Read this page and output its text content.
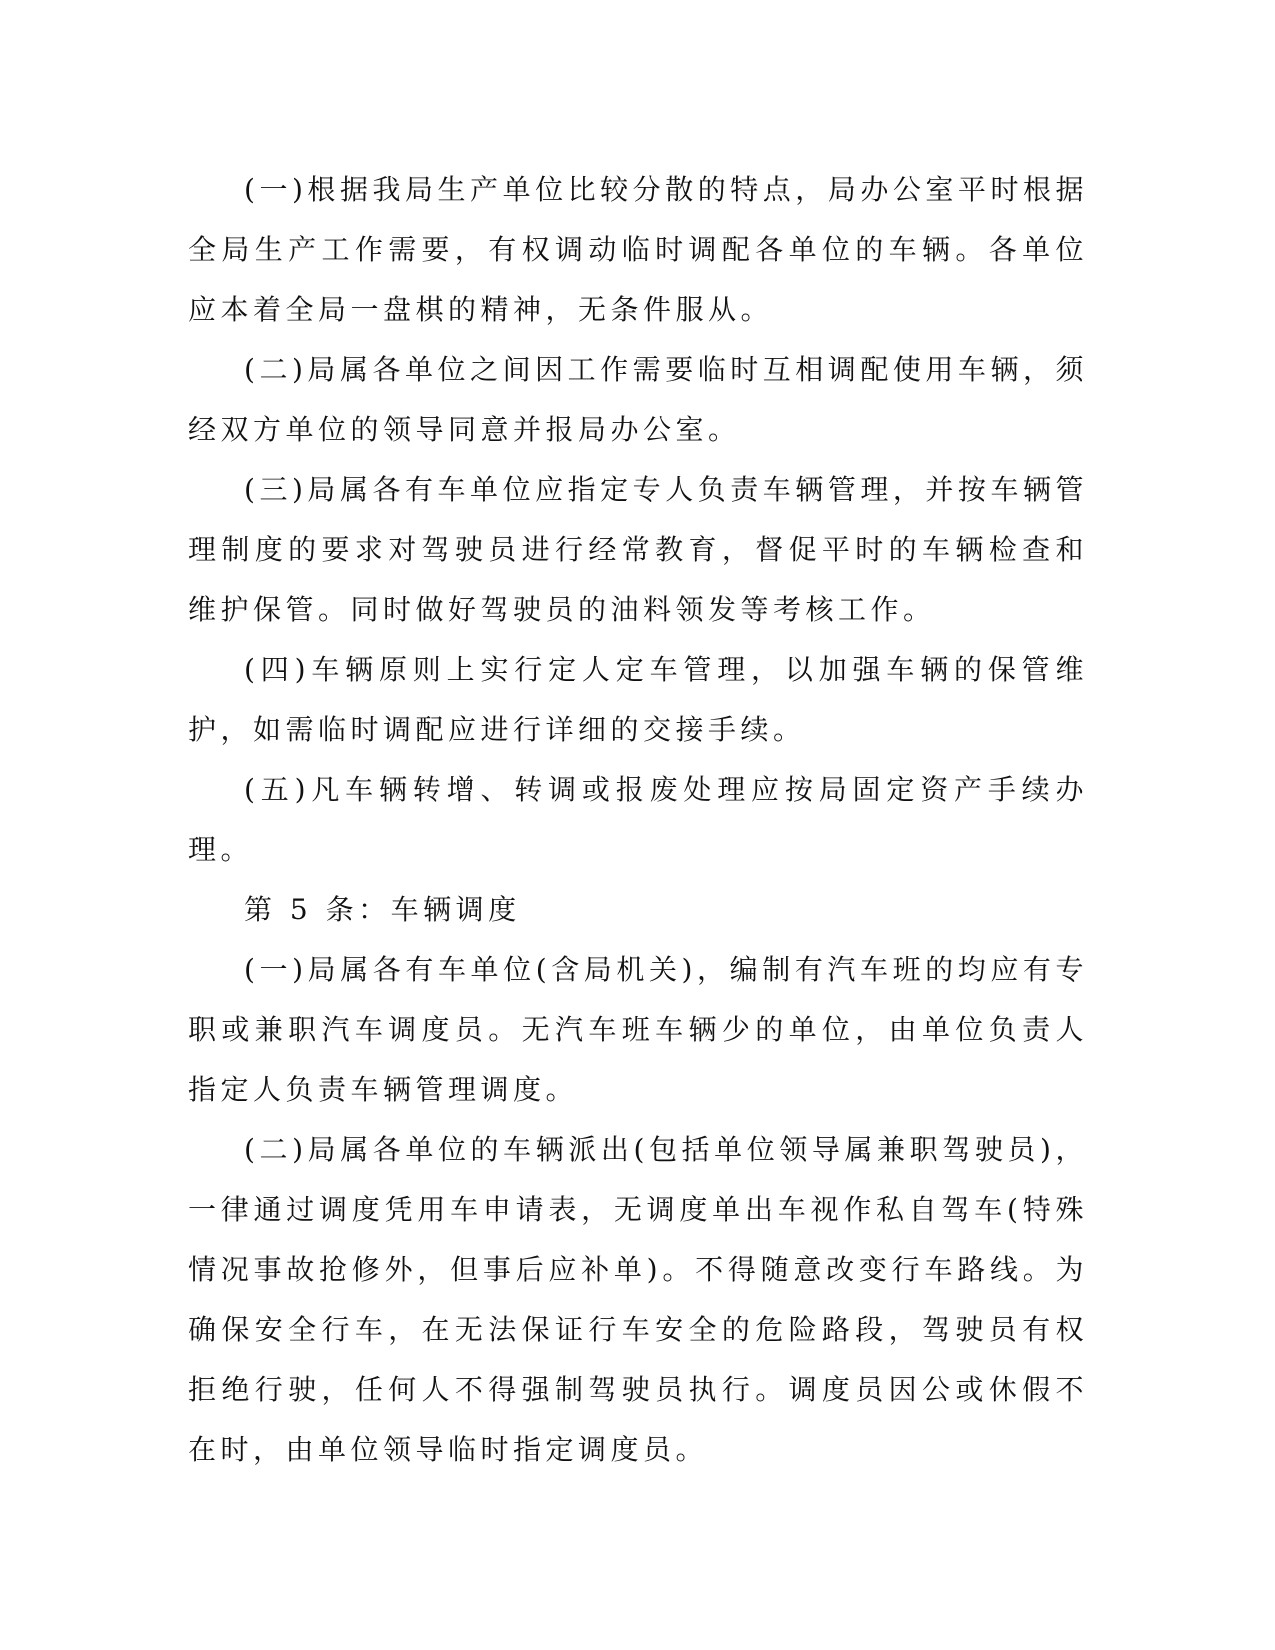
(一)根据我局生产单位比较分散的特点，局办公室平时根据全局生产工作需要，有权调动临时调配各单位的车辆。各单位应本着全局一盘棋的精神，无条件服从。

(二)局属各单位之间因工作需要临时互相调配使用车辆，须经双方单位的领导同意并报局办公室。

(三)局属各有车单位应指定专人负责车辆管理，并按车辆管理制度的要求对驾驶员进行经常教育，督促平时的车辆检查和维护保管。同时做好驾驶员的油料领发等考核工作。

(四)车辆原则上实行定人定车管理，以加强车辆的保管维护，如需临时调配应进行详细的交接手续。

(五)凡车辆转增、转调或报废处理应按局固定资产手续办理。

第 5 条：车辆调度

(一)局属各有车单位(含局机关)，编制有汽车班的均应有专职或兼职汽车调度员。无汽车班车辆少的单位，由单位负责人指定人负责车辆管理调度。

(二)局属各单位的车辆派出(包括单位领导属兼职驾驶员)，一律通过调度凭用车申请表，无调度单出车视作私自驾车(特殊情况事故抢修外，但事后应补单)。不得随意改变行车路线。为确保安全行车，在无法保证行车安全的危险路段，驾驶员有权拒绝行驶，任何人不得强制驾驶员执行。调度员因公或休假不在时，由单位领导临时指定调度员。
